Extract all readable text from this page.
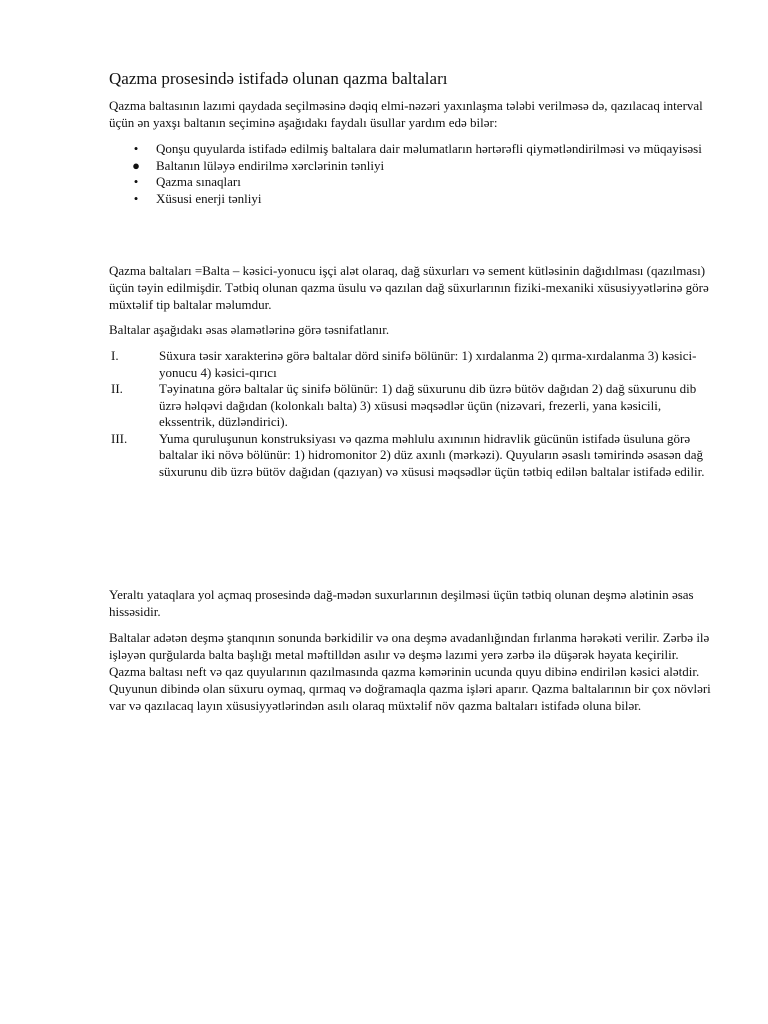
Qazma prosesində istifadə olunan qazma baltaları

Qazma baltasının lazımi qaydada seçilməsinə dəqiq elmi-nəzəri yaxınlaşma tələbi verilməsə də, qazılacaq interval üçün ən yaxşı baltanın seçiminə aşağıdakı faydalı üsullar yardım edə bilər:

• Qonşu quyularda istifadə edilmiş baltalara dair məlumatların hərtərəfli qiymətləndirilməsi və müqayisəsi
● Baltanın lüləyə endirilmə xərclərinin tənliyi
• Qazma sınaqları
• Xüsusi enerji tənliyi

Qazma baltaları =Balta – kəsici-yonucu işçi alət olaraq, dağ süxurları və sement kütləsinin dağıdılması (qazılması) üçün təyin edilmişdir. Tətbiq olunan qazma üsulu və qazılan dağ süxurlarının fiziki-mexaniki xüsusiyyətlərinə görə müxtəlif tip baltalar məlumdur.

Baltalar aşağıdakı əsas əlamətlərinə görə təsnifatlanır.

I.	Süxura təsir xarakterinə görə baltalar dörd sinifə bölünür: 1) xırdalanma 2) qırma-xırdalanma 3) kəsici-yonucu 4) kəsici-qırıcı
II.	Təyinatına görə baltalar üç sinifə bölünür: 1) dağ süxurunu dib üzrə bütöv dağıdan 2) dağ süxurunu dib üzrə həlqəvi dağıdan (kolonkalı balta) 3) xüsusi məqsədlər üçün (nizəvari, frezerli, yana kəsicili, ekssentrik, düzləndirici).
III. Yuma quruluşunun konstruksiyası və qazma məhlulu axınının hidravlik gücünün istifadə üsuluna görə baltalar iki növə bölünür: 1) hidromonitor 2) düz axınlı (mərkəzi). Quyuların əsaslı təmirində əsasən dağ süxurunu dib üzrə bütöv dağıdan (qazıyan) və xüsusi məqsədlər üçün tətbiq edilən baltalar istifadə edilir.

Yeraltı yataqlara yol açmaq prosesində dağ-mədən suxurlarının deşilməsi üçün tətbiq olunan deşmə alətinin əsas hissəsidir.

Baltalar adətən deşmə ştanqının sonunda bərkidilir və ona deşmə avadanlığından fırlanma hərəkəti verilir. Zərbə ilə işləyən qurğularda balta başlığı metal məftilldən asılır və deşmə lazımi yerə zərbə ilə düşərək həyata keçirilir. Qazma baltası neft və qaz quyularının qazılmasında qazma kəmərinin ucunda quyu dibinə endirilən kəsici alətdir. Quyunun dibində olan süxuru oymaq, qırmaq və doğramaqla qazma işləri aparır. Qazma baltalarının bir çox növləri var və qazılacaq layın xüsusiyyətlərindən asılı olaraq müxtəlif növ qazma baltaları istifadə oluna bilər.
